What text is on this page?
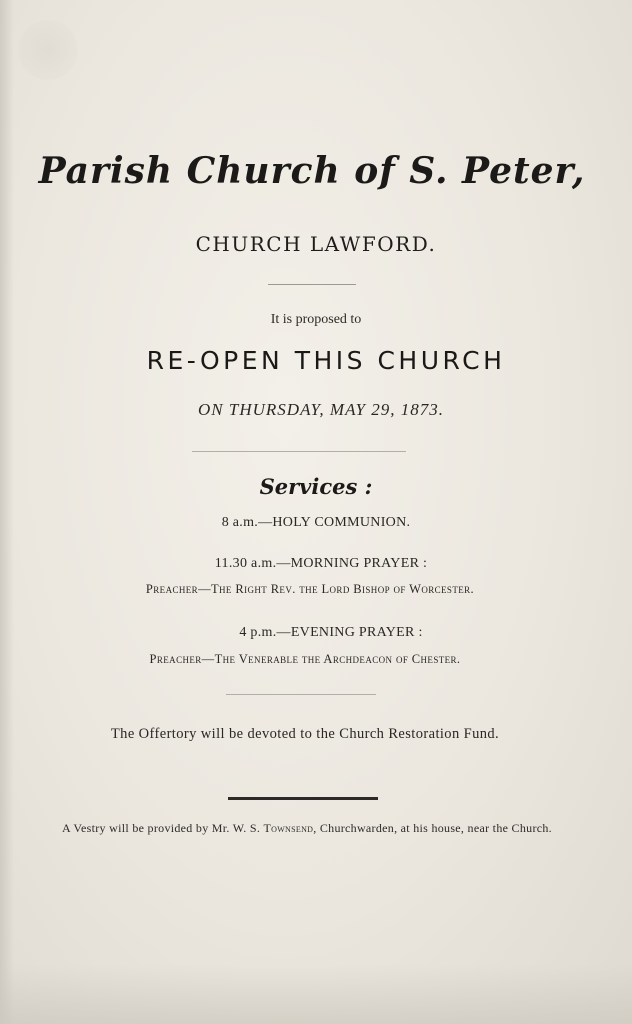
Parish Church of S. Peter,
CHURCH LAWFORD.
It is proposed to
RE-OPEN THIS CHURCH
ON THURSDAY, MAY 29, 1873.
Services :
8 a.m.—HOLY COMMUNION.
11.30 a.m.—MORNING PRAYER :
Preacher—The Right Rev. the Lord Bishop of Worcester.
4 p.m.—EVENING PRAYER :
Preacher—The Venerable the Archdeacon of Chester.
The Offertory will be devoted to the Church Restoration Fund.
A Vestry will be provided by Mr. W. S. Townsend, Churchwarden, at his house, near the Church.
